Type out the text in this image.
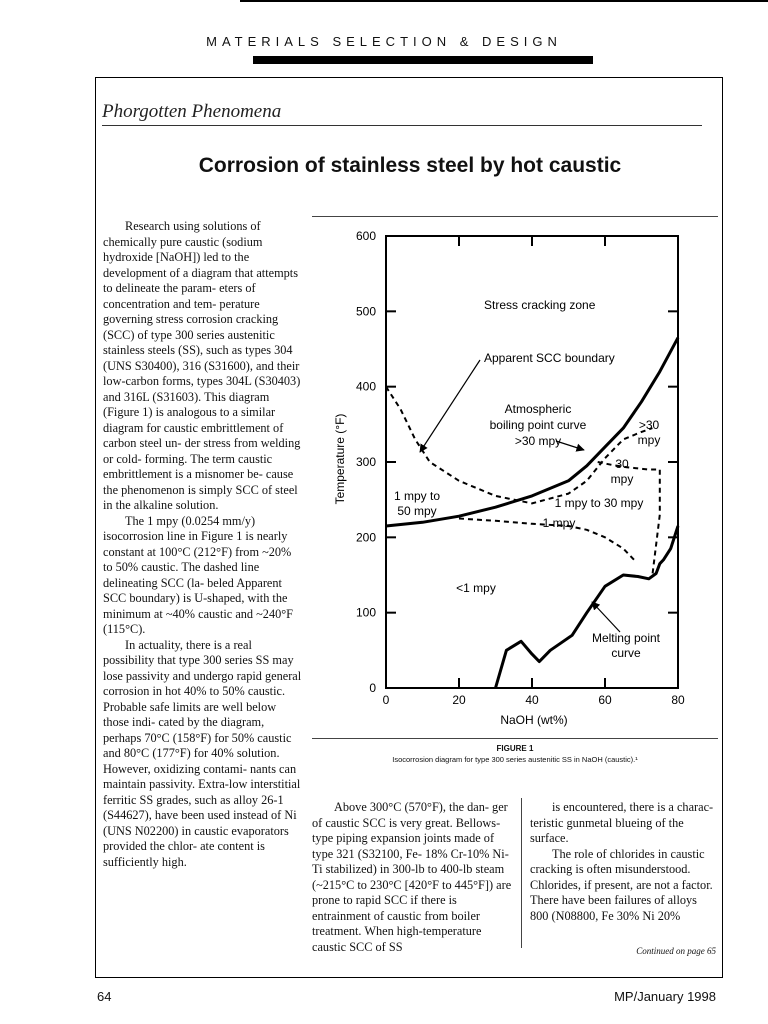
MATERIALS SELECTION & DESIGN
Phorgotten Phenomena
Corrosion of stainless steel by hot caustic

Research using solutions of chemically pure caustic (sodium hydroxide [NaOH]) led to the development of a diagram that attempts to delineate the param- eters of concentration and tem- perature governing stress corrosion cracking (SCC) of type 300 series austenitic stainless steels (SS), such as types 304 (UNS S30400), 316 (S31600), and their low-carbon forms, types 304L (S30403) and 316L (S31603). This diagram (Figure 1) is analogous to a similar diagram for caustic embrittlement of carbon steel un- der stress from welding or cold- forming. The term caustic embrittlement is a misnomer be- cause the phenomenon is simply SCC of steel in the alkaline solution.

The 1 mpy (0.0254 mm/y) isocorrosion line in Figure 1 is nearly constant at 100°C (212°F) from ~20% to 50% caustic. The dashed line delineating SCC (la- beled Apparent SCC boundary) is U-shaped, with the minimum at ~40% caustic and ~240°F (115°C).

In actuality, there is a real possibility that type 300 series SS may lose passivity and undergo rapid general corrosion in hot 40% to 50% caustic. Probable safe limits are well below those indi- cated by the diagram, perhaps 70°C (158°F) for 50% caustic and 80°C (177°F) for 40% solution. However, oxidizing contami- nants can maintain passivity. Extra-low interstitial ferritic SS grades, such as alloy 26-1 (S44627), have been used instead of Ni (UNS N02200) in caustic evaporators provided the chlor- ate content is sufficiently high.

0
100
200
300
400
500
600
0	20	40	60	80
Temperature (°F)
NaOH (wt%)
Stress cracking zone
Apparent SCC boundary
Atmospheric
boiling point curve
>30 mpy
>30
mpy
30
mpy
1 mpy to
50 mpy
1 mpy to 30 mpy
1 mpy
<1 mpy
Melting point
curve
FIGURE 1
Isocorrosion diagram for type 300 series austenitic SS in NaOH (caustic).¹

Above 300°C (570°F), the dan- ger of caustic SCC is very great. Bellows-type piping expansion joints made of type 321 (S32100, Fe- 18% Cr-10% Ni-Ti stabilized) in 300-lb to 400-lb steam (~215°C to 230°C [420°F to 445°F]) are prone to rapid SCC if there is entrainment of caustic from boiler treatment. When high-temperature caustic SCC of SS

is encountered, there is a charac- teristic gunmetal blueing of the surface.

The role of chlorides in caustic cracking is often misunderstood. Chlorides, if present, are not a factor. There have been failures of alloys 800 (N08800, Fe 30% Ni 20%

Continued on page 65
64	MP/January 1998
